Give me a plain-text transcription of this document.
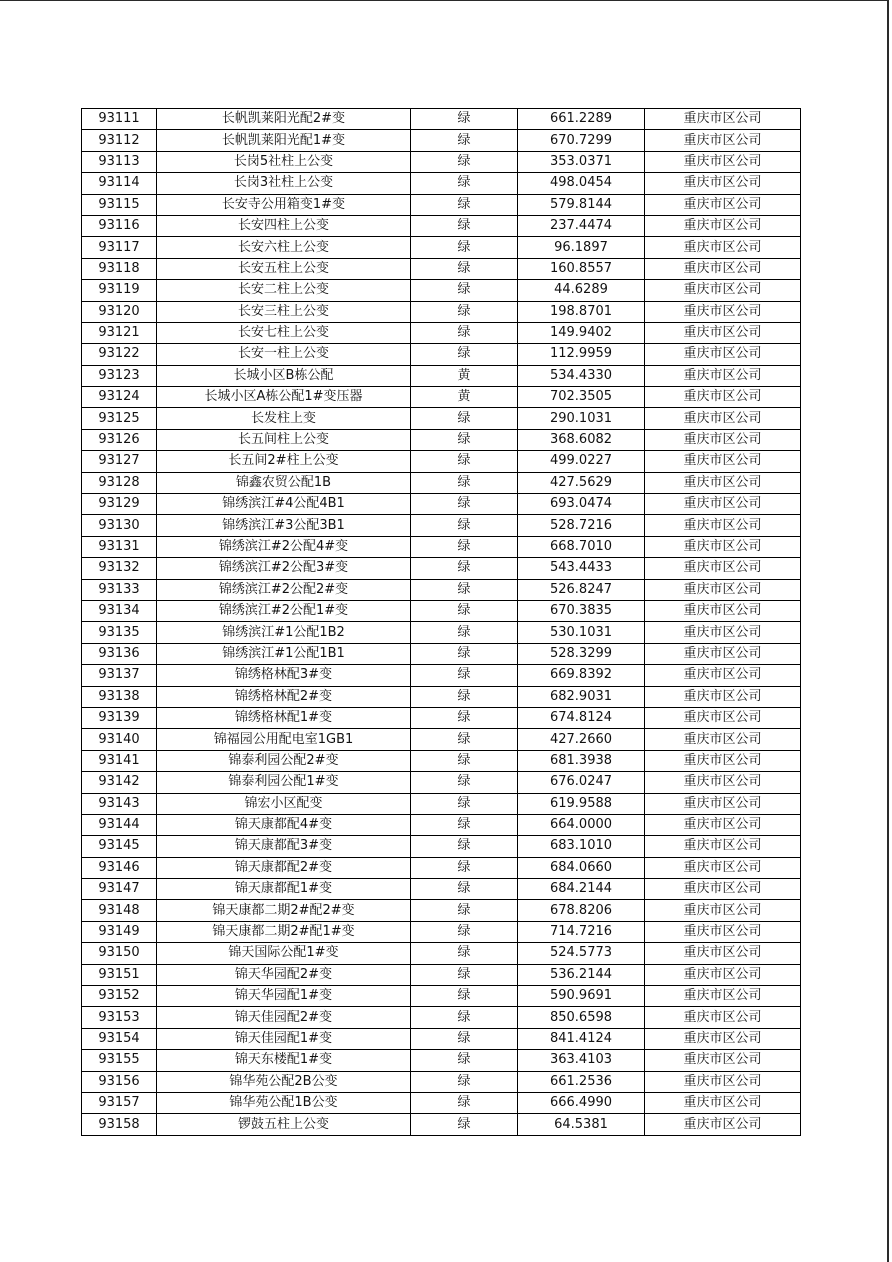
93111	长帆凯莱阳光配2#变	绿	661.2289	重庆市区公司
93112	长帆凯莱阳光配1#变	绿	670.7299	重庆市区公司
93113	长岗5社柱上公变	绿	353.0371	重庆市区公司
93114	长岗3社柱上公变	绿	498.0454	重庆市区公司
93115	长安寺公用箱变1#变	绿	579.8144	重庆市区公司
93116	长安四柱上公变	绿	237.4474	重庆市区公司
93117	长安六柱上公变	绿	96.1897	重庆市区公司
93118	长安五柱上公变	绿	160.8557	重庆市区公司
93119	长安二柱上公变	绿	44.6289	重庆市区公司
93120	长安三柱上公变	绿	198.8701	重庆市区公司
93121	长安七柱上公变	绿	149.9402	重庆市区公司
93122	长安一柱上公变	绿	112.9959	重庆市区公司
93123	长城小区B栋公配	黄	534.4330	重庆市区公司
93124	长城小区A栋公配1#变压器	黄	702.3505	重庆市区公司
93125	长发柱上变	绿	290.1031	重庆市区公司
93126	长五间柱上公变	绿	368.6082	重庆市区公司
93127	长五间2#柱上公变	绿	499.0227	重庆市区公司
93128	锦鑫农贸公配1B	绿	427.5629	重庆市区公司
93129	锦绣滨江#4公配4B1	绿	693.0474	重庆市区公司
93130	锦绣滨江#3公配3B1	绿	528.7216	重庆市区公司
93131	锦绣滨江#2公配4#变	绿	668.7010	重庆市区公司
93132	锦绣滨江#2公配3#变	绿	543.4433	重庆市区公司
93133	锦绣滨江#2公配2#变	绿	526.8247	重庆市区公司
93134	锦绣滨江#2公配1#变	绿	670.3835	重庆市区公司
93135	锦绣滨江#1公配1B2	绿	530.1031	重庆市区公司
93136	锦绣滨江#1公配1B1	绿	528.3299	重庆市区公司
93137	锦绣格林配3#变	绿	669.8392	重庆市区公司
93138	锦绣格林配2#变	绿	682.9031	重庆市区公司
93139	锦绣格林配1#变	绿	674.8124	重庆市区公司
93140	锦福园公用配电室1GB1	绿	427.2660	重庆市区公司
93141	锦泰利园公配2#变	绿	681.3938	重庆市区公司
93142	锦泰利园公配1#变	绿	676.0247	重庆市区公司
93143	锦宏小区配变	绿	619.9588	重庆市区公司
93144	锦天康都配4#变	绿	664.0000	重庆市区公司
93145	锦天康都配3#变	绿	683.1010	重庆市区公司
93146	锦天康都配2#变	绿	684.0660	重庆市区公司
93147	锦天康都配1#变	绿	684.2144	重庆市区公司
93148	锦天康都二期2#配2#变	绿	678.8206	重庆市区公司
93149	锦天康都二期2#配1#变	绿	714.7216	重庆市区公司
93150	锦天国际公配1#变	绿	524.5773	重庆市区公司
93151	锦天华园配2#变	绿	536.2144	重庆市区公司
93152	锦天华园配1#变	绿	590.9691	重庆市区公司
93153	锦天佳园配2#变	绿	850.6598	重庆市区公司
93154	锦天佳园配1#变	绿	841.4124	重庆市区公司
93155	锦天东楼配1#变	绿	363.4103	重庆市区公司
93156	锦华苑公配2B公变	绿	661.2536	重庆市区公司
93157	锦华苑公配1B公变	绿	666.4990	重庆市区公司
93158	锣鼓五柱上公变	绿	64.5381	重庆市区公司
